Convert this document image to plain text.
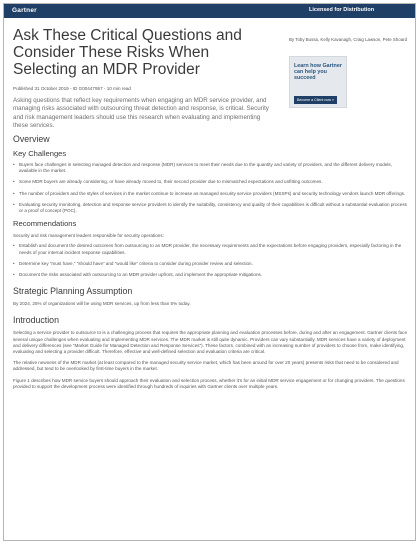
Gartner	Licensed for Distribution
Ask These Critical Questions and Consider These Risks When Selecting an MDR Provider
Published 31 October 2019 - ID G00447957 - 10 min read

Asking questions that reflect key requirements when engaging an MDR service provider, and managing risks associated with outsourcing threat detection and response, is critical. Security and risk management leaders should use this research when evaluating and implementing these services.

By Toby Bussa, Kelly Kavanagh, Craig Lawson, Pete Shoard
Learn how Gartner can help you succeed
Become a Client now »
Overview
Key Challenges
• Buyers face challenges in selecting managed detection and response (MDR) services to meet their needs due to the quantity and variety of providers, and the different delivery models, available in the market.
• Some MDR buyers are already considering, or have already moved to, their second provider due to mismatched expectations and unfitting outcomes.
• The number of providers and the styles of services in the market continue to increase as managed security service providers (MSSPs) and security technology vendors launch MDR offerings.
• Evaluating security monitoring, detection and response service providers to identify the suitability, consistency and quality of their capabilities is difficult without a substantial evaluation process or a proof of concept (POC).
Recommendations

Security and risk management leaders responsible for security operations:

• Establish and document the desired outcomes from outsourcing to an MDR provider, the necessary requirements and the expectations before engaging providers, especially factoring in the needs of your internal incident response capabilities.
• Determine key “must have,” “should have” and “would like” criteria to consider during provider review and selection.
• Document the risks associated with outsourcing to an MDR provider upfront, and implement the appropriate mitigations.
Strategic Planning Assumption

By 2024, 25% of organizations will be using MDR services, up from less than 5% today.

Introduction

Selecting a service provider to outsource to is a challenging process that requires the appropriate planning and evaluation processes before, during and after an engagement. Gartner clients face several unique challenges when evaluating and implementing MDR services. The MDR market is still quite dynamic. Providers can vary substantially. MDR services have a variety of deployment and delivery differences (see “Market Guide for Managed Detection and Response Services”). These factors, combined with an increasing number of providers to choose from, make identifying, evaluating and selecting a provider difficult. Therefore, effective and well-defined selection and evaluation criteria are critical.

The relative newness of the MDR market (at least compared to the managed security service market, which has been around for over 20 years) presents risks that need to be considered and addressed, but tend to be overlooked by first-time buyers in the market.

Figure 1 describes how MDR service buyers should approach their evaluation and selection process, whether it’s for an initial MDR service engagement or for changing providers. The questions provided to support the development process were identified through hundreds of inquiries with Gartner clients over multiple years.
